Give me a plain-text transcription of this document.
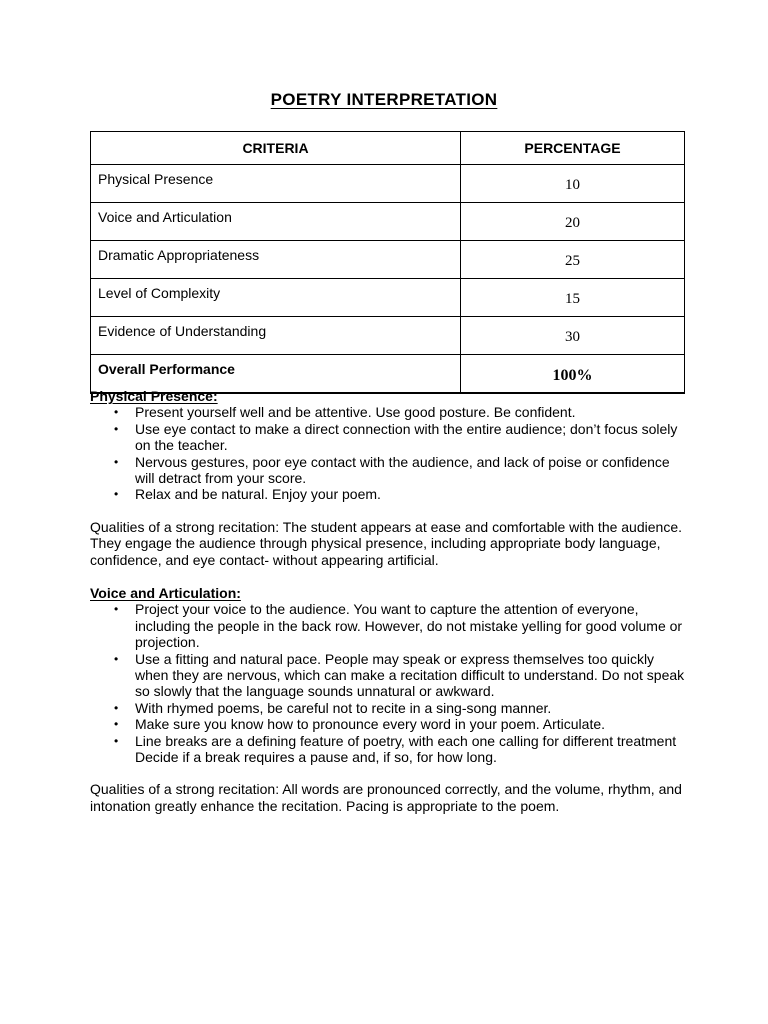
POETRY INTERPRETATION
CRITERIA	PERCENTAGE
Physical Presence	10
Voice and Articulation	20
Dramatic Appropriateness	25
Level of Complexity	15
Evidence of Understanding	30
Overall Performance	100%
Physical Presence:
• Present yourself well and be attentive. Use good posture. Be confident.
• Use eye contact to make a direct connection with the entire audience; don’t focus solely on the teacher.
• Nervous gestures, poor eye contact with the audience, and lack of poise or confidence will detract from your score.
• Relax and be natural. Enjoy your poem.

Qualities of a strong recitation: The student appears at ease and comfortable with the audience. They engage the audience through physical presence, including appropriate body language, confidence, and eye contact- without appearing artificial.

Voice and Articulation:
• Project your voice to the audience. You want to capture the attention of everyone, including the people in the back row. However, do not mistake yelling for good volume or projection.
• Use a fitting and natural pace. People may speak or express themselves too quickly when they are nervous, which can make a recitation difficult to understand. Do not speak so slowly that the language sounds unnatural or awkward.
• With rhymed poems, be careful not to recite in a sing-song manner.
• Make sure you know how to pronounce every word in your poem. Articulate.
• Line breaks are a defining feature of poetry, with each one calling for different treatment Decide if a break requires a pause and, if so, for how long.

Qualities of a strong recitation: All words are pronounced correctly, and the volume, rhythm, and intonation greatly enhance the recitation. Pacing is appropriate to the poem.
